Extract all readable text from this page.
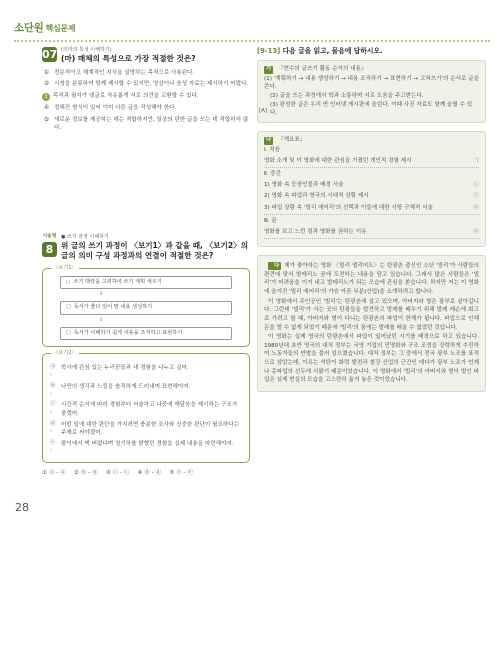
소단원 핵심문제
28
07 (의미의 특성 이해하기)
(마) 매체의 특성으로 가장 적절한 것은?
① 전문적이고 체계적인 지식을 설명하는 목적으로 사용된다.
② 시청을 분류하여 함께 제시할 수 있지만, 영상이나 음성 자료는 제시하기 어렵다.
3 목적과 필자가 댓글로 자유롭게 서로 의견을 교환할 수 있다.
④ 정해진 형식이 있어 이미 다른 글을 작성해야 한다.
⑤ 새로운 정보를 제공하는 데는 적합하지만, 일상의 판한 글을 쓰는 데 적합하지 않다.
서술형
8
● 쓰기 과정 이해하기
위 글의 쓰기 과정이 〈보기1〉과 같을 때, 〈보기2〉의 글의 의미 구성 과정과의 연결이 적절한 것은?
〈보기1〉
○ 쓰기 맥락을 고려하여 쓰기 계획 세우기
↓
□ 독서가 좋다 있어 말 내용 생성하기
↓
□ 독서가 이해하기 쉽게 내용을 조직하고 표현하기
〈보기2〉
ⓐ :
학사에 관심 있는 누리꾼들과 내 경험을 나누고 싶어.
ⓑ :
나만의 생각과 느낌을 솔직하게 드러내며 표현해야지.
ⓒ :
시간적 순서에 따라 경험부터 서술하고 나중에 깨달음을 제시하는 구조가 좋겠어.
ⓓ :
어떤 일에 대한 판단을 가지려면 충분한 조사와 신중한 판단이 필요하다는 주제로 써야겠어.
ⓔ :
팔이에서 맥 버렸다며 청기하를 밝혔던 경험을 실제 내용을 마련해야지.
① ⓐ - ⓐ ② ⓑ - ⓑ ③ ⓒ - ⓒ ④ ⓓ - ⓓ ⑤ ⓔ - ⓔ
[9-13] 다음 글을 읽고, 물음에 답하시오.
가 『현수의 글쓰기 활동 순서의 내용』
(1) '계획하기 → 내용 생성하기 → 내용 조직하기 → 표현하기 → 고쳐쓰기'의 순서로 글을 쓴다.
(2) 글을 쓰는 과정에서 학과 소통하며 서로 도움을 주고받는다.
(3) 완성한 글은 우리 반 인터넷 게시판에 올린다. 이때 사진 자료도 함께 올릴 수 있다.
[A]
나 『개요표』
Ⅰ. 처음
영화 소개 및 이 영화에 대한 관심을 가졌던 개인적 경험 제시	㉠
Ⅱ. 중간
1) 영화 속 등장인물과 배경 서술	㉡
2) 영화 속 파업과 영국의 시대적 상황 제시	㉢
3) 파업 상황 속 '빌리 에어리'의 선택과 이들에 대한 사항 구체적 서술	㉣
Ⅲ. 끝
영화를 보고 느낀 점과 영화를 권하는 이유	㉤

다 제가 좋아하는 영화 〈빌리 엘리어트〉는 탄광촌 출신인 소년 '빌리'가 사람들의 편견에 맞서 발레리노 꿈에 도전하는 내용을 담고 있습니다. 그래서 많은 사람들은 '빌리'가 어려움을 이겨 내고 발레리노가 되는 모습에 관심을 쏟습니다. 하지만 저는 이 영화에 숨겨진 '빌리 에어리'의 가슴 아픈 부분(산업)을 소개하려고 합니다.

이 영화에서 주인공인 '빌리'는 탄광촌에 살고 있으며, 아버지와 형은 광부로 살아갑니다. 그런데 '빌리'가 사는 곳의 탄광들을 발견하고 발레를 배우기 위해 발레 레슨에 회고로 가려고 할 때, 아버지와 형이 다니는 탄광촌의 파업이 한계가 됩니다. 파업으로 인해 돈을 벌 수 없게 되었기 때문에 '빌리'의 꿈에는 발레를 배울 수 없었던 것입니다.

이 영화는 실제 영국의 탄광촌에서 파업이 일어났던 시기를 배경으로 하고 있습니다. 1980년대 초반 영국의 대처 정부는 국영 기업의 민영화와 구조 조정을 강력하게 추진하여 노동자들의 반발을 불러 일으켰습니다. 대처 정부는 그 중에서 전국 광부 노조를 표적으로 삼았는데, 이유는 석탄이 화력 발전과 철강 산업의 근간인 데다가 광부 노조가 언제나 총파업의 선두에 서왔기 때문이었습니다. 이 영화에서 '빌리'의 아버지와 형이 벌인 파업은 실제 현실의 모습을 고스란히 옮겨 놓은 것이었습니다.
